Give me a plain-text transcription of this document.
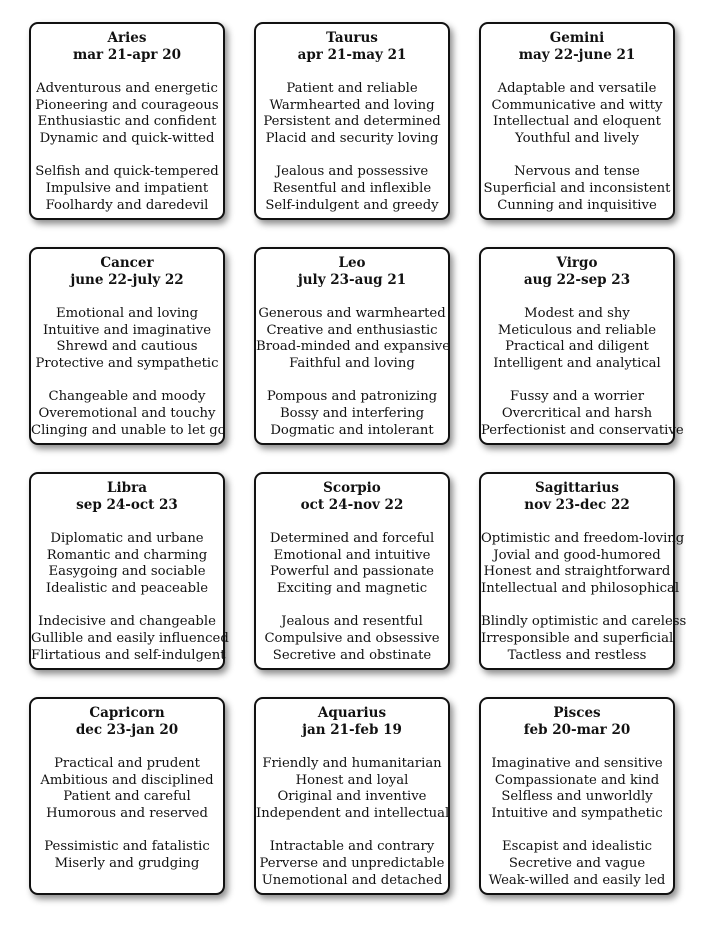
Aries
mar 21-apr 20
Adventurous and energetic
Pioneering and courageous
Enthusiastic and confident
Dynamic and quick-witted
Selfish and quick-tempered
Impulsive and impatient
Foolhardy and daredevil
Taurus
apr 21-may 21
Patient and reliable
Warmhearted and loving
Persistent and determined
Placid and security loving
Jealous and possessive
Resentful and inflexible
Self-indulgent and greedy
Gemini
may 22-june 21
Adaptable and versatile
Communicative and witty
Intellectual and eloquent
Youthful and lively
Nervous and tense
Superficial and inconsistent
Cunning and inquisitive
Cancer
june 22-july 22
Emotional and loving
Intuitive and imaginative
Shrewd and cautious
Protective and sympathetic
Changeable and moody
Overemotional and touchy
Clinging and unable to let go
Leo
july 23-aug 21
Generous and warmhearted
Creative and enthusiastic
Broad-minded and expansive
Faithful and loving
Pompous and patronizing
Bossy and interfering
Dogmatic and intolerant
Virgo
aug 22-sep 23
Modest and shy
Meticulous and reliable
Practical and diligent
Intelligent and analytical
Fussy and a worrier
Overcritical and harsh
Perfectionist and conservative
Libra
sep 24-oct 23
Diplomatic and urbane
Romantic and charming
Easygoing and sociable
Idealistic and peaceable
Indecisive and changeable
Gullible and easily influenced
Flirtatious and self-indulgent
Scorpio
oct 24-nov 22
Determined and forceful
Emotional and intuitive
Powerful and passionate
Exciting and magnetic
Jealous and resentful
Compulsive and obsessive
Secretive and obstinate
Sagittarius
nov 23-dec 22
Optimistic and freedom-loving
Jovial and good-humored
Honest and straightforward
Intellectual and philosophical
Blindly optimistic and careless
Irresponsible and superficial
Tactless and restless
Capricorn
dec 23-jan 20
Practical and prudent
Ambitious and disciplined
Patient and careful
Humorous and reserved
Pessimistic and fatalistic
Miserly and grudging
Aquarius
jan 21-feb 19
Friendly and humanitarian
Honest and loyal
Original and inventive
Independent and intellectual
Intractable and contrary
Perverse and unpredictable
Unemotional and detached
Pisces
feb 20-mar 20
Imaginative and sensitive
Compassionate and kind
Selfless and unworldly
Intuitive and sympathetic
Escapist and idealistic
Secretive and vague
Weak-willed and easily led
